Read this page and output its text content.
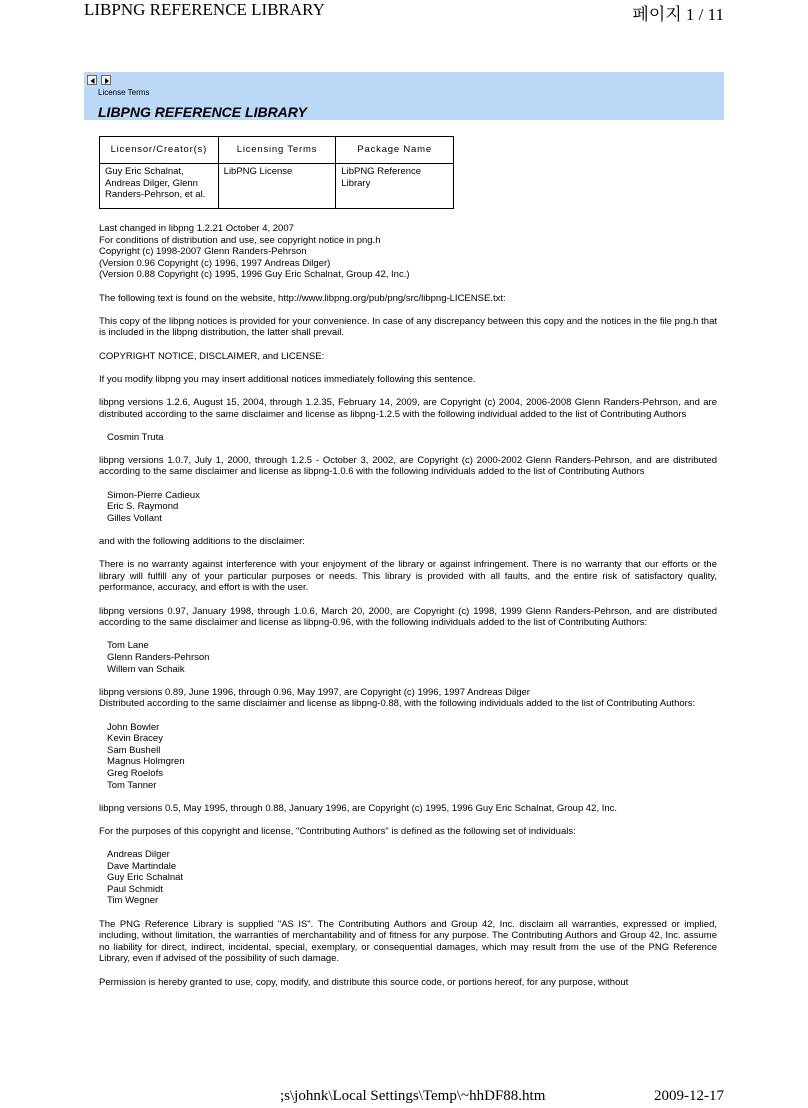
LIBPNG REFERENCE LIBRARY	페이지 1 / 11
License Terms
LIBPNG REFERENCE LIBRARY
Licensor/Creator(s)	Licensing Terms	Package Name
Guy Eric Schalnat, Andreas Dilger, Glenn Randers-Pehrson, et al.	LibPNG License	LibPNG Reference Library
Last changed in libpng 1.2.21 October 4, 2007
For conditions of distribution and use, see copyright notice in png.h
Copyright (c) 1998-2007 Glenn Randers-Pehrson
(Version 0.96 Copyright (c) 1996, 1997 Andreas Dilger)
(Version 0.88 Copyright (c) 1995, 1996 Guy Eric Schalnat, Group 42, Inc.)

The following text is found on the website, http://www.libpng.org/pub/png/src/libpng-LICENSE.txt:

This copy of the libpng notices is provided for your convenience. In case of any discrepancy between this copy and the notices in the file png.h that is included in the libpng distribution, the latter shall prevail.

COPYRIGHT NOTICE, DISCLAIMER, and LICENSE:

If you modify libpng you may insert additional notices immediately following this sentence.

libpng versions 1.2.6, August 15, 2004, through 1.2.35, February 14, 2009, are Copyright (c) 2004, 2006-2008 Glenn Randers-Pehrson, and are distributed according to the same disclaimer and license as libpng-1.2.5 with the following individual added to the list of Contributing Authors

Cosmin Truta

libpng versions 1.0.7, July 1, 2000, through 1.2.5 - October 3, 2002, are Copyright (c) 2000-2002 Glenn Randers-Pehrson, and are distributed according to the same disclaimer and license as libpng-1.0.6 with the following individuals added to the list of Contributing Authors

Simon-Pierre Cadieux
Eric S. Raymond
Gilles Vollant

and with the following additions to the disclaimer:

There is no warranty against interference with your enjoyment of the library or against infringement. There is no warranty that our efforts or the library will fulfill any of your particular purposes or needs. This library is provided with all faults, and the entire risk of satisfactory quality, performance, accuracy, and effort is with the user.

libpng versions 0.97, January 1998, through 1.0.6, March 20, 2000, are Copyright (c) 1998, 1999 Glenn Randers-Pehrson, and are distributed according to the same disclaimer and license as libpng-0.96, with the following individuals added to the list of Contributing Authors:

Tom Lane
Glenn Randers-Pehrson
Willem van Schaik
libpng versions 0.89, June 1996, through 0.96, May 1997, are Copyright (c) 1996, 1997 Andreas Dilger
Distributed according to the same disclaimer and license as libpng-0.88, with the following individuals added to the list of Contributing Authors:
John Bowler
Kevin Bracey
Sam Bushell
Magnus Holmgren
Greg Roelofs
Tom Tanner

libpng versions 0.5, May 1995, through 0.88, January 1996, are Copyright (c) 1995, 1996 Guy Eric Schalnat, Group 42, Inc.

For the purposes of this copyright and license, "Contributing Authors" is defined as the following set of individuals:

Andreas Dilger
Dave Martindale
Guy Eric Schalnat
Paul Schmidt
Tim Wegner

The PNG Reference Library is supplied "AS IS". The Contributing Authors and Group 42, Inc. disclaim all warranties, expressed or implied, including, without limitation, the warranties of merchantability and of fitness for any purpose. The Contributing Authors and Group 42, Inc. assume no liability for direct, indirect, incidental, special, exemplary, or consequential damages, which may result from the use of the PNG Reference Library, even if advised of the possibility of such damage.

Permission is hereby granted to use, copy, modify, and distribute this source code, or portions hereof, for any purpose, without

;s\johnk\Local Settings\Temp\~hhDF88.htm	2009-12-17
